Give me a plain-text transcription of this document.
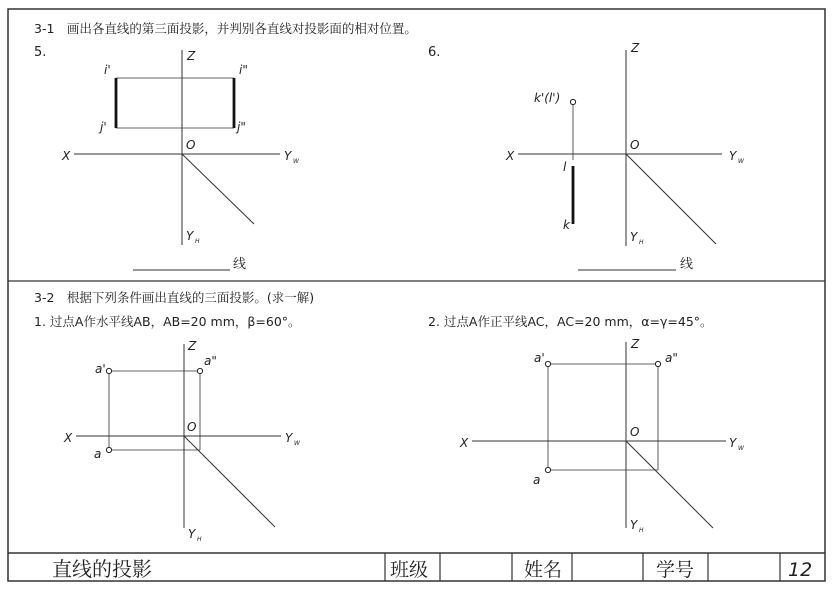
直线的投影	班级	姓名	学号	12
3-1　画出各直线的第三面投影，并判别各直线对投影面的相对位置。
5.
i'	i"
j'	j"
X
Z
O
Y W
Y H
线
6.
k'(l')
l
k
X
Z
O
Y W
Y H
线
3-2　根据下列条件画出直线的三面投影。(求一解)
1. 过点A作水平线AB，AB=20 mm，β=60°。	2. 过点A作正平线AC，AC=20 mm，α=γ=45°。
a'
a"
a
X
Z
O
Y W
Y H
a'	a"
a
X
Z
O
Y W
Y H
